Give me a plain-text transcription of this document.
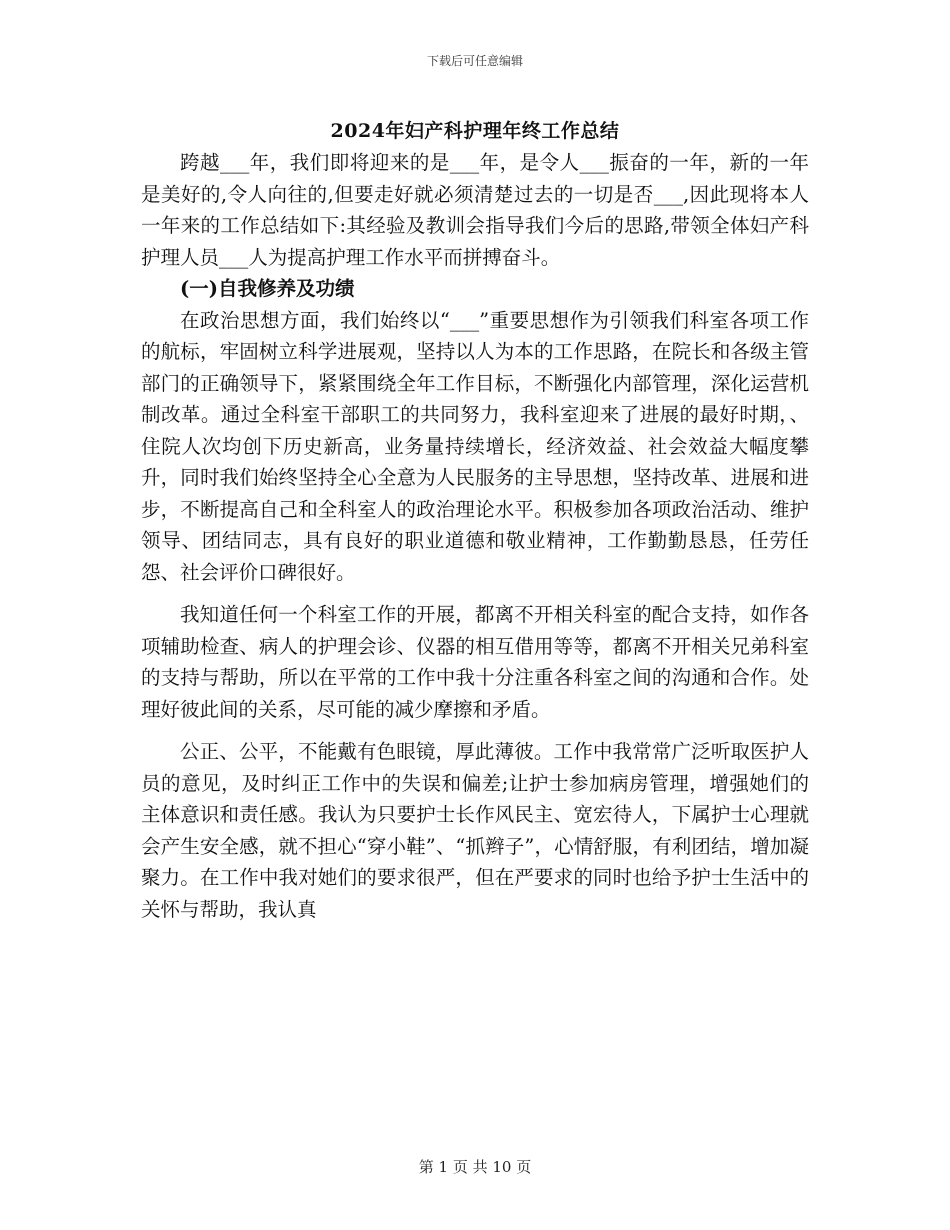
下载后可任意编辑
2024年妇产科护理年终工作总结

跨越___年，我们即将迎来的是___年，是令人___振奋的一年，新的一年是美好的,令人向往的,但要走好就必须清楚过去的一切是否___,因此现将本人一年来的工作总结如下:其经验及教训会指导我们今后的思路,带领全体妇产科护理人员___人为提高护理工作水平而拼搏奋斗。

(一)自我修养及功绩

在政治思想方面，我们始终以“___”重要思想作为引领我们科室各项工作的航标，牢固树立科学进展观，坚持以人为本的工作思路，在院长和各级主管部门的正确领导下，紧紧围绕全年工作目标，不断强化内部管理，深化运营机制改革。通过全科室干部职工的共同努力，我科室迎来了进展的最好时期，、住院人次均创下历史新高，业务量持续增长，经济效益、社会效益大幅度攀升，同时我们始终坚持全心全意为人民服务的主导思想，坚持改革、进展和进步，不断提高自己和全科室人的政治理论水平。积极参加各项政治活动、维护领导、团结同志，具有良好的职业道德和敬业精神，工作勤勤恳恳，任劳任怨、社会评价口碑很好。

我知道任何一个科室工作的开展，都离不开相关科室的配合支持，如作各项辅助检查、病人的护理会诊、仪器的相互借用等等，都离不开相关兄弟科室的支持与帮助，所以在平常的工作中我十分注重各科室之间的沟通和合作。处理好彼此间的关系，尽可能的减少摩擦和矛盾。

公正、公平，不能戴有色眼镜，厚此薄彼。工作中我常常广泛听取医护人员的意见，及时纠正工作中的失误和偏差;让护士参加病房管理，增强她们的主体意识和责任感。我认为只要护士长作风民主、宽宏待人，下属护士心理就会产生安全感，就不担心“穿小鞋”、“抓辫子”，心情舒服，有利团结，增加凝聚力。在工作中我对她们的要求很严，但在严要求的同时也给予护士生活中的关怀与帮助，我认真

第 1 页 共 10 页
